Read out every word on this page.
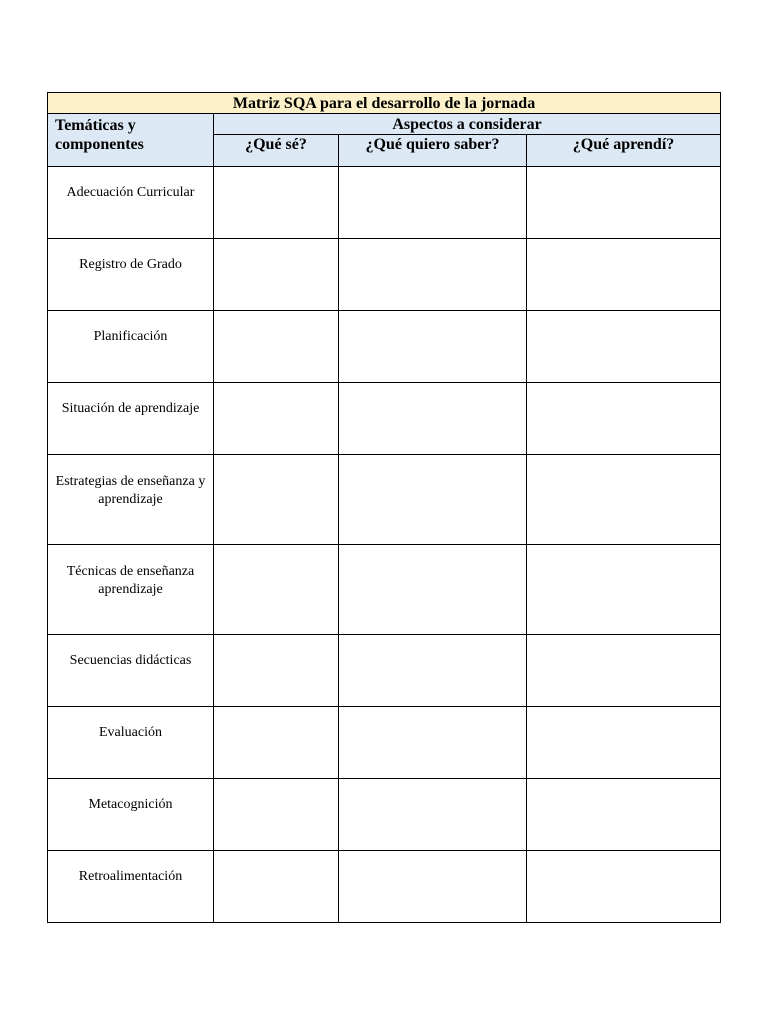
Matriz SQA para el desarrollo de la jornada			
Temáticas y componentes	Aspectos a considerar		
	¿Qué sé?	¿Qué quiero saber?	¿Qué aprendí?
Adecuación Curricular			
Registro de Grado			
Planificación			
Situación de aprendizaje			
Estrategias de enseñanza y aprendizaje			
Técnicas de enseñanza aprendizaje			
Secuencias didácticas			
Evaluación			
Metacognición			
Retroalimentación			
